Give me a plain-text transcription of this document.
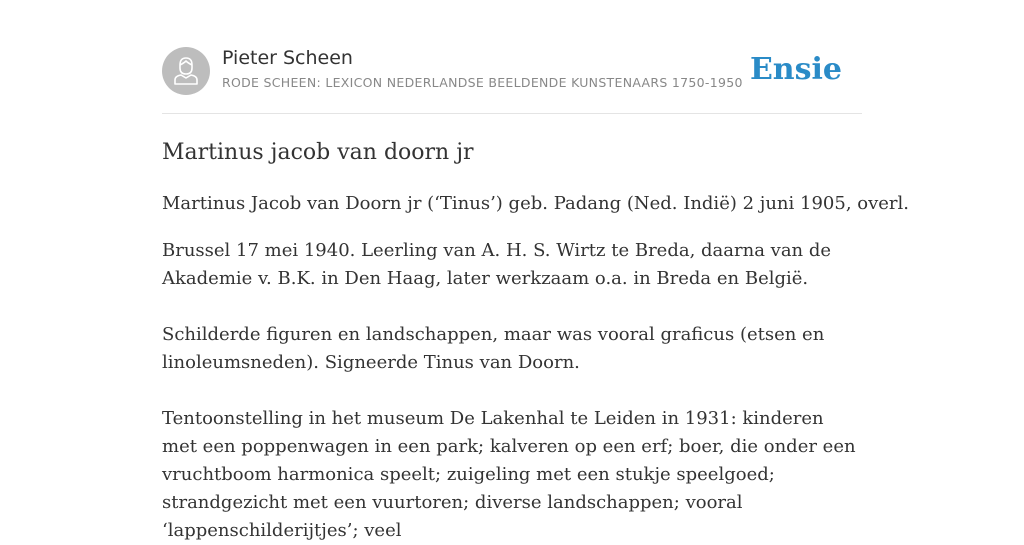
Pieter Scheen
RODE SCHEEN: LEXICON NEDERLANDSE BEELDENDE KUNSTENAARS 1750-1950 Ensie
Martinus jacob van doorn jr

Martinus Jacob van Doorn jr (‘Tinus’) geb. Padang (Ned. Indië) 2 juni 1905, overl.

Brussel 17 mei 1940. Leerling van A. H. S. Wirtz te Breda, daarna van de Akademie v. B.K. in Den Haag, later werkzaam o.a. in Breda en België.

Schilderde figuren en landschappen, maar was vooral graficus (etsen en linoleumsneden). Signeerde Tinus van Doorn.

Tentoonstelling in het museum De Lakenhal te Leiden in 1931: kinderen met een poppenwagen in een park; kalveren op een erf; boer, die onder een vruchtboom harmonica speelt; zuigeling met een stukje speelgoed; strandgezicht met een vuurtoren; diverse landschappen; vooral ‘lappenschilderijtjes’; veel
